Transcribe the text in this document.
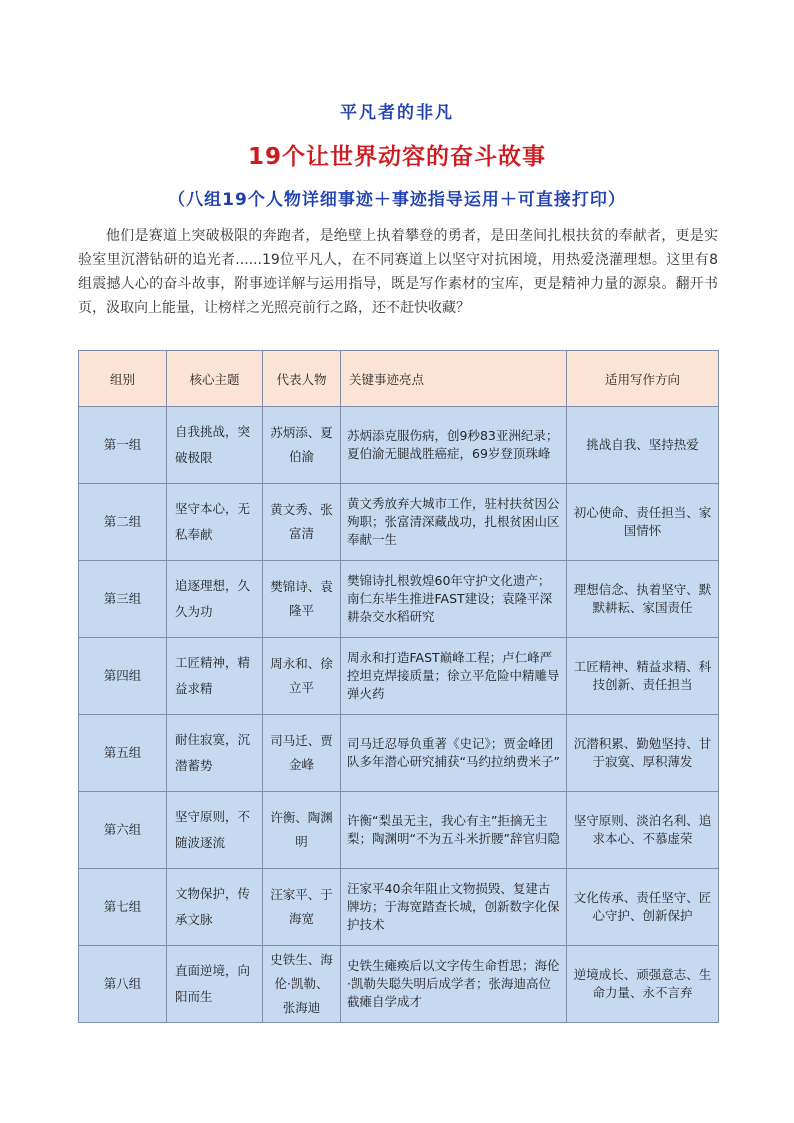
平凡者的非凡
19个让世界动容的奋斗故事
（八组19个人物详细事迹＋事迹指导运用＋可直接打印）

他们是赛道上突破极限的奔跑者，是绝壁上执着攀登的勇者，是田垄间扎根扶贫的奉献者，更是实验室里沉潜钻研的追光者......19位平凡人，在不同赛道上以坚守对抗困境，用热爱浇灌理想。这里有8组震撼人心的奋斗故事，附事迹详解与运用指导，既是写作素材的宝库，更是精神力量的源泉。翻开书页，汲取向上能量，让榜样之光照亮前行之路，还不赶快收藏？

组别	核心主题	代表人物	关键事迹亮点	适用写作方向
第一组	自我挑战，突破极限	苏炳添、夏伯渝	苏炳添克服伤病，创9秒83亚洲纪录；夏伯渝无腿战胜癌症，69岁登顶珠峰	挑战自我、坚持热爱
第二组	坚守本心，无私奉献	黄文秀、张富清	黄文秀放弃大城市工作，驻村扶贫因公殉职；张富清深藏战功，扎根贫困山区奉献一生	初心使命、责任担当、家国情怀
第三组	追逐理想，久久为功	樊锦诗、袁隆平	樊锦诗扎根敦煌60年守护文化遗产；南仁东毕生推进FAST建设；袁隆平深耕杂交水稻研究	理想信念、执着坚守、默默耕耘、家国责任
第四组	工匠精神，精益求精	周永和、徐立平	周永和打造FAST巅峰工程；卢仁峰严控坦克焊接质量；徐立平危险中精雕导弹火药	工匠精神、精益求精、科技创新、责任担当
第五组	耐住寂寞，沉潜蓄势	司马迁、贾金峰	司马迁忍辱负重著《史记》；贾金峰团队多年潜心研究捕获“马约拉纳费米子”	沉潜积累、勤勉坚持、甘于寂寞、厚积薄发
第六组	坚守原则，不随波逐流	许衡、陶渊明	许衡“梨虽无主，我心有主”拒摘无主梨；陶渊明“不为五斗米折腰”辞官归隐	坚守原则、淡泊名利、追求本心、不慕虚荣
第七组	文物保护，传承文脉	汪家平、于海宽	汪家平40余年阻止文物损毁、复建古牌坊；于海宽踏查长城，创新数字化保护技术	文化传承、责任坚守、匠心守护、创新保护
第八组	直面逆境，向阳而生	史铁生、海伦·凯勒、张海迪	史铁生瘫痪后以文字传生命哲思；海伦·凯勒失聪失明后成学者；张海迪高位截瘫自学成才	逆境成长、顽强意志、生命力量、永不言弃
